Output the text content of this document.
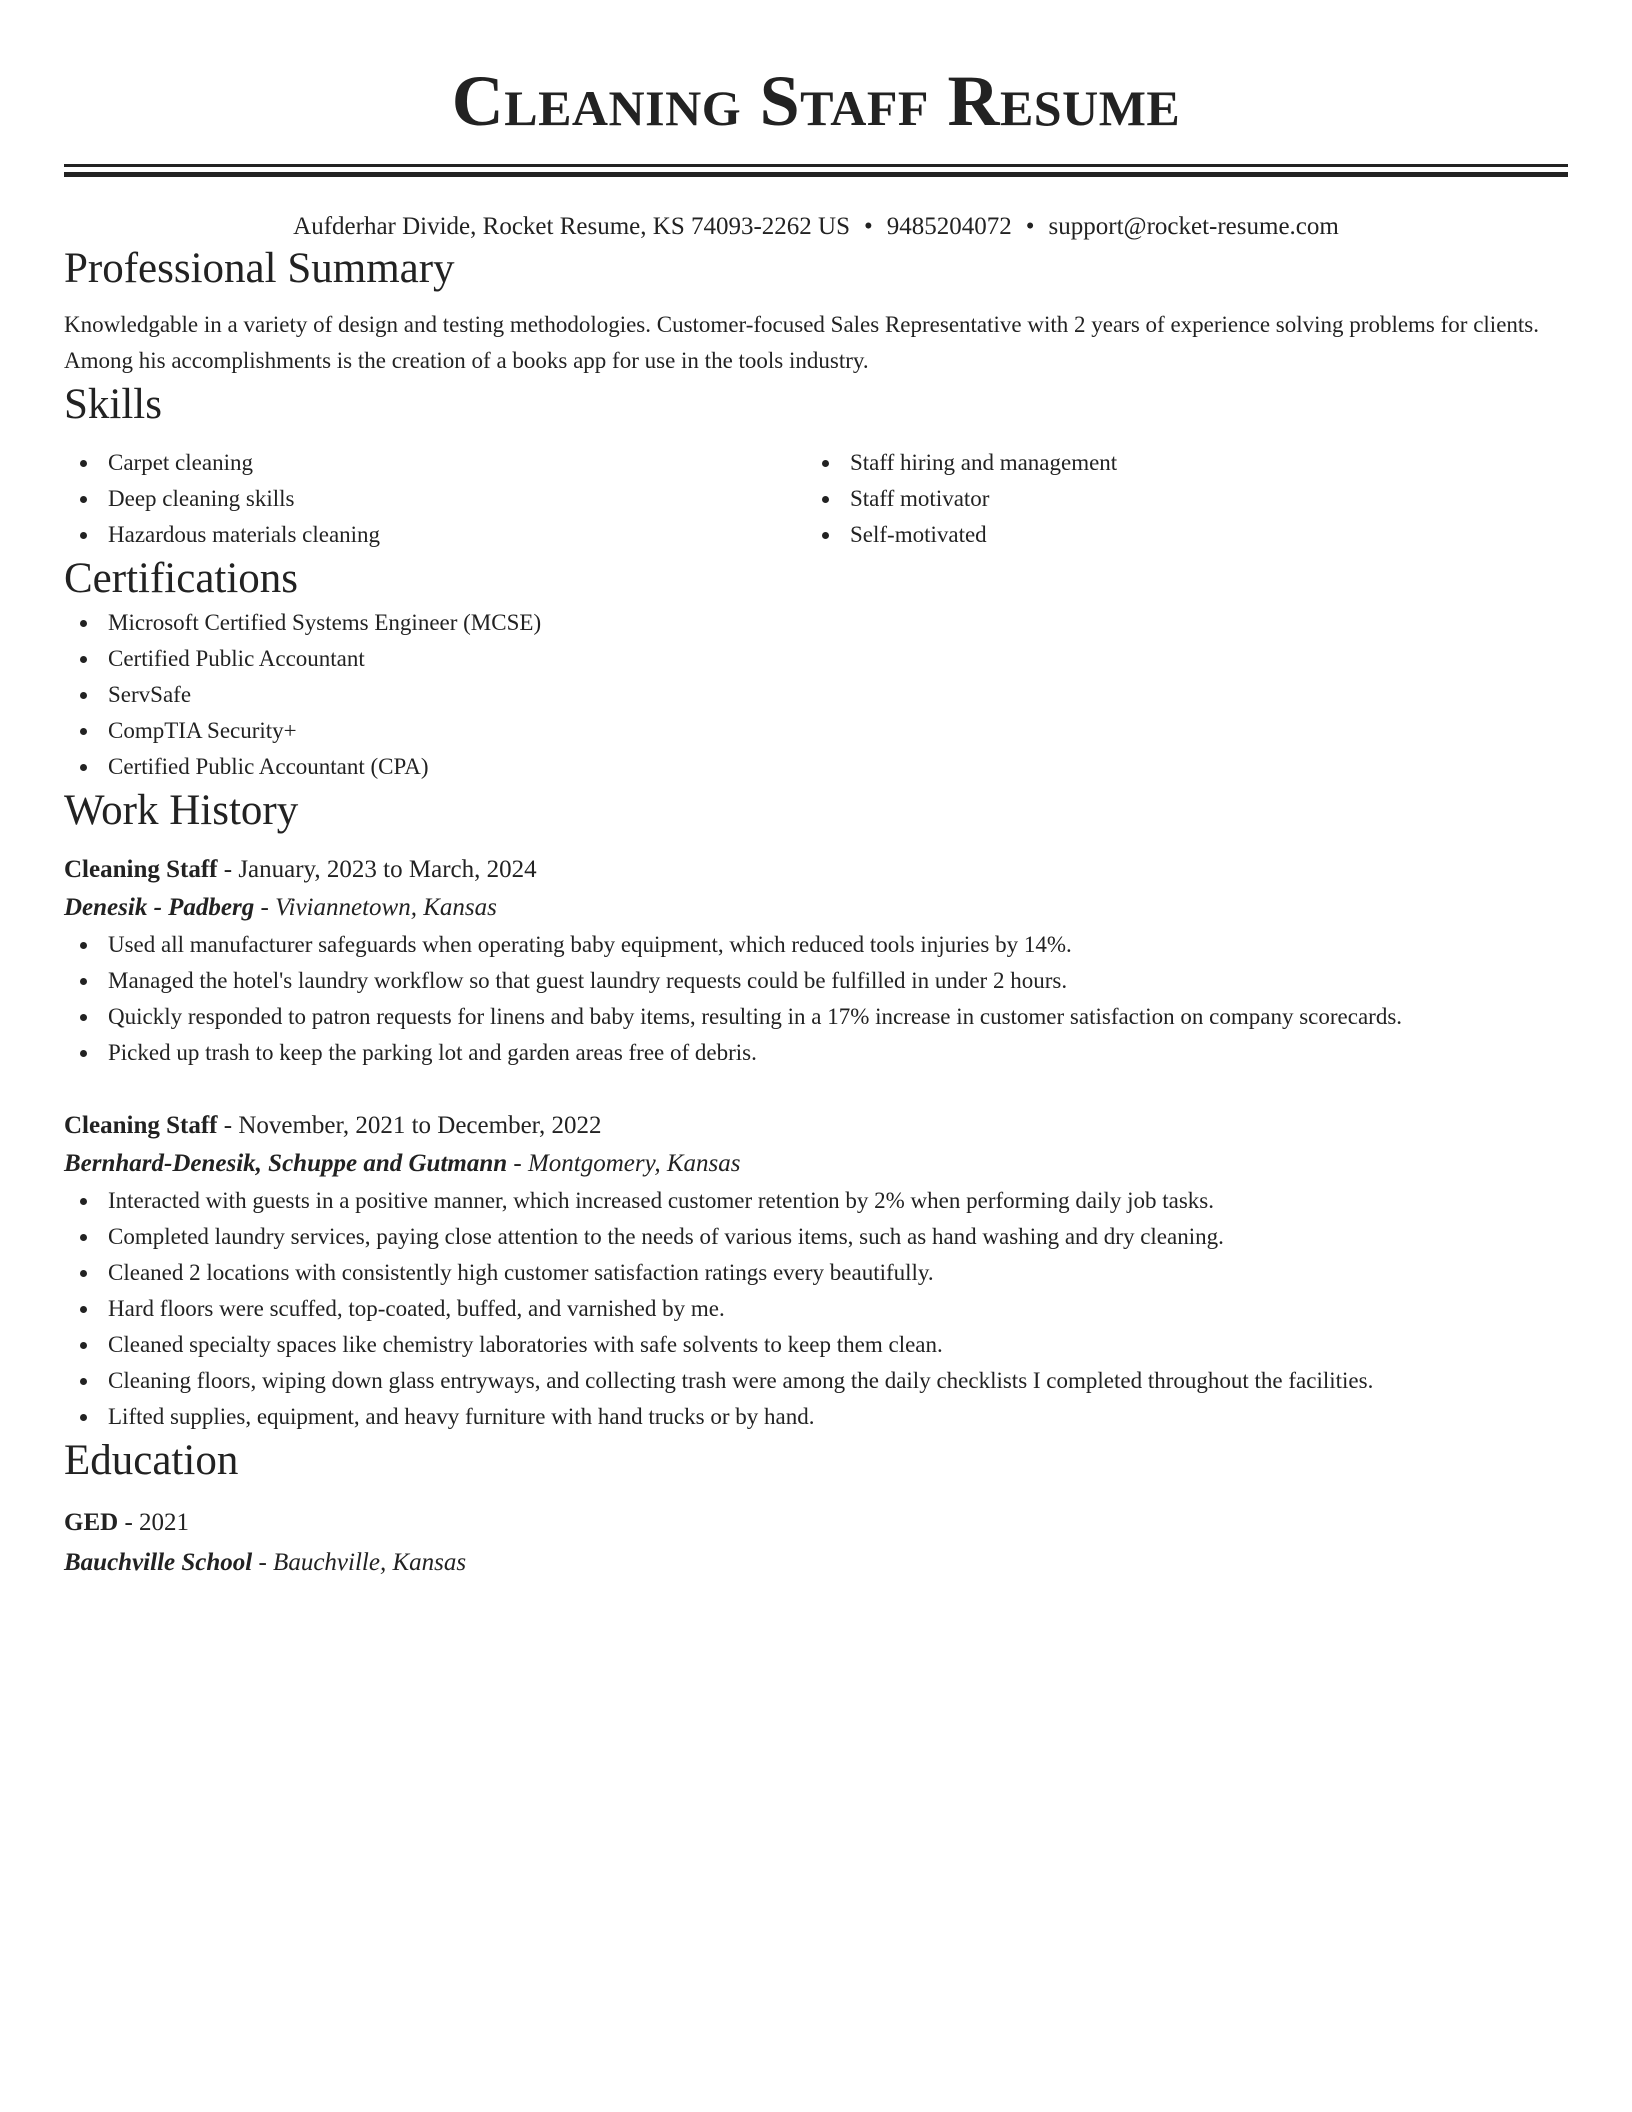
Cleaning Staff Resume
Aufderhar Divide, Rocket Resume, KS 74093-2262 US • 9485204072 • support@rocket-resume.com
Professional Summary
Knowledgable in a variety of design and testing methodologies. Customer-focused Sales Representative with 2 years of experience solving problems for clients. Among his accomplishments is the creation of a books app for use in the tools industry.
Skills
Carpet cleaning
Deep cleaning skills
Hazardous materials cleaning
Staff hiring and management
Staff motivator
Self-motivated
Certifications
Microsoft Certified Systems Engineer (MCSE)
Certified Public Accountant
ServSafe
CompTIA Security+
Certified Public Accountant (CPA)
Work History
Cleaning Staff - January, 2023 to March, 2024
Denesik - Padberg - Viviannetown, Kansas
Used all manufacturer safeguards when operating baby equipment, which reduced tools injuries by 14%.
Managed the hotel's laundry workflow so that guest laundry requests could be fulfilled in under 2 hours.
Quickly responded to patron requests for linens and baby items, resulting in a 17% increase in customer satisfaction on company scorecards.
Picked up trash to keep the parking lot and garden areas free of debris.
Cleaning Staff - November, 2021 to December, 2022
Bernhard-Denesik, Schuppe and Gutmann - Montgomery, Kansas
Interacted with guests in a positive manner, which increased customer retention by 2% when performing daily job tasks.
Completed laundry services, paying close attention to the needs of various items, such as hand washing and dry cleaning.
Cleaned 2 locations with consistently high customer satisfaction ratings every beautifully.
Hard floors were scuffed, top-coated, buffed, and varnished by me.
Cleaned specialty spaces like chemistry laboratories with safe solvents to keep them clean.
Cleaning floors, wiping down glass entryways, and collecting trash were among the daily checklists I completed throughout the facilities.
Lifted supplies, equipment, and heavy furniture with hand trucks or by hand.
Education
GED - 2021
Bauchville School - Bauchville, Kansas
